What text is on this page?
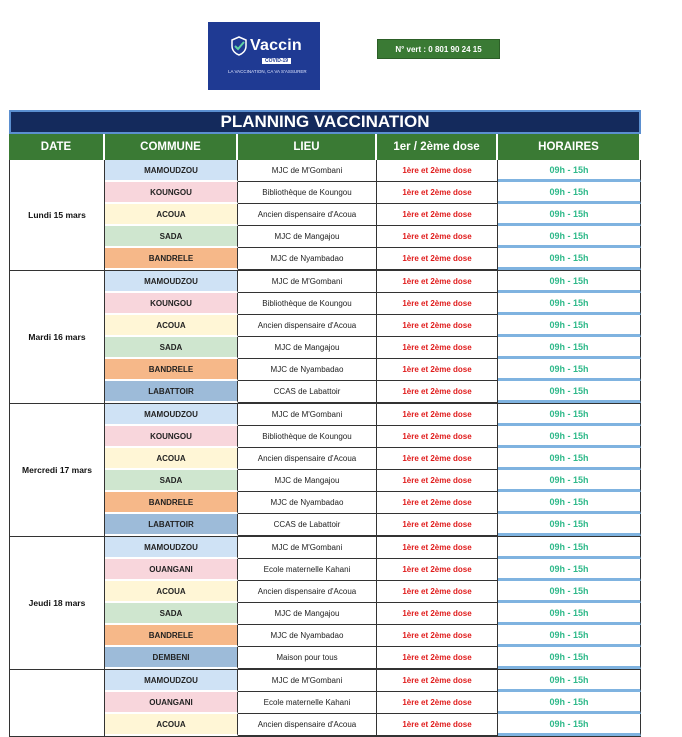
Vaccin
COVID-19
LA VACCINATION, CA VA S'ASSURER
N° vert : 0 801 90 24 15
PLANNING VACCINATION
DATE	COMMUNE	LIEU	1er / 2ème dose	HORAIRES
Lundi 15 mars
MAMOUDZOU	MJC de M'Gombani	1ère et 2ème dose	09h - 15h
KOUNGOU	Bibliothèque de Koungou	1ère et 2ème dose	09h - 15h
ACOUA	Ancien dispensaire d'Acoua	1ère et 2ème dose	09h - 15h
SADA	MJC de Mangajou	1ère et 2ème dose	09h - 15h
BANDRELE	MJC de Nyambadao	1ère et 2ème dose	09h - 15h
Mardi 16 mars
MAMOUDZOU	MJC de M'Gombani	1ère et 2ème dose	09h - 15h
KOUNGOU	Bibliothèque de Koungou	1ère et 2ème dose	09h - 15h
ACOUA	Ancien dispensaire d'Acoua	1ère et 2ème dose	09h - 15h
SADA	MJC de Mangajou	1ère et 2ème dose	09h - 15h
BANDRELE	MJC de Nyambadao	1ère et 2ème dose	09h - 15h
LABATTOIR	CCAS de Labattoir	1ère et 2ème dose	09h - 15h
Mercredi 17 mars
MAMOUDZOU	MJC de M'Gombani	1ère et 2ème dose	09h - 15h
KOUNGOU	Bibliothèque de Koungou	1ère et 2ème dose	09h - 15h
ACOUA	Ancien dispensaire d'Acoua	1ère et 2ème dose	09h - 15h
SADA	MJC de Mangajou	1ère et 2ème dose	09h - 15h
BANDRELE	MJC de Nyambadao	1ère et 2ème dose	09h - 15h
LABATTOIR	CCAS de Labattoir	1ère et 2ème dose	09h - 15h
Jeudi 18 mars
MAMOUDZOU	MJC de M'Gombani	1ère et 2ème dose	09h - 15h
OUANGANI	Ecole maternelle Kahani	1ère et 2ème dose	09h - 15h
ACOUA	Ancien dispensaire d'Acoua	1ère et 2ème dose	09h - 15h
SADA	MJC de Mangajou	1ère et 2ème dose	09h - 15h
BANDRELE	MJC de Nyambadao	1ère et 2ème dose	09h - 15h
DEMBENI	Maison pour tous	1ère et 2ème dose	09h - 15h
MAMOUDZOU	MJC de M'Gombani	1ère et 2ème dose	09h - 15h
OUANGANI	Ecole maternelle Kahani	1ère et 2ème dose	09h - 15h
ACOUA	Ancien dispensaire d'Acoua	1ère et 2ème dose	09h - 15h
